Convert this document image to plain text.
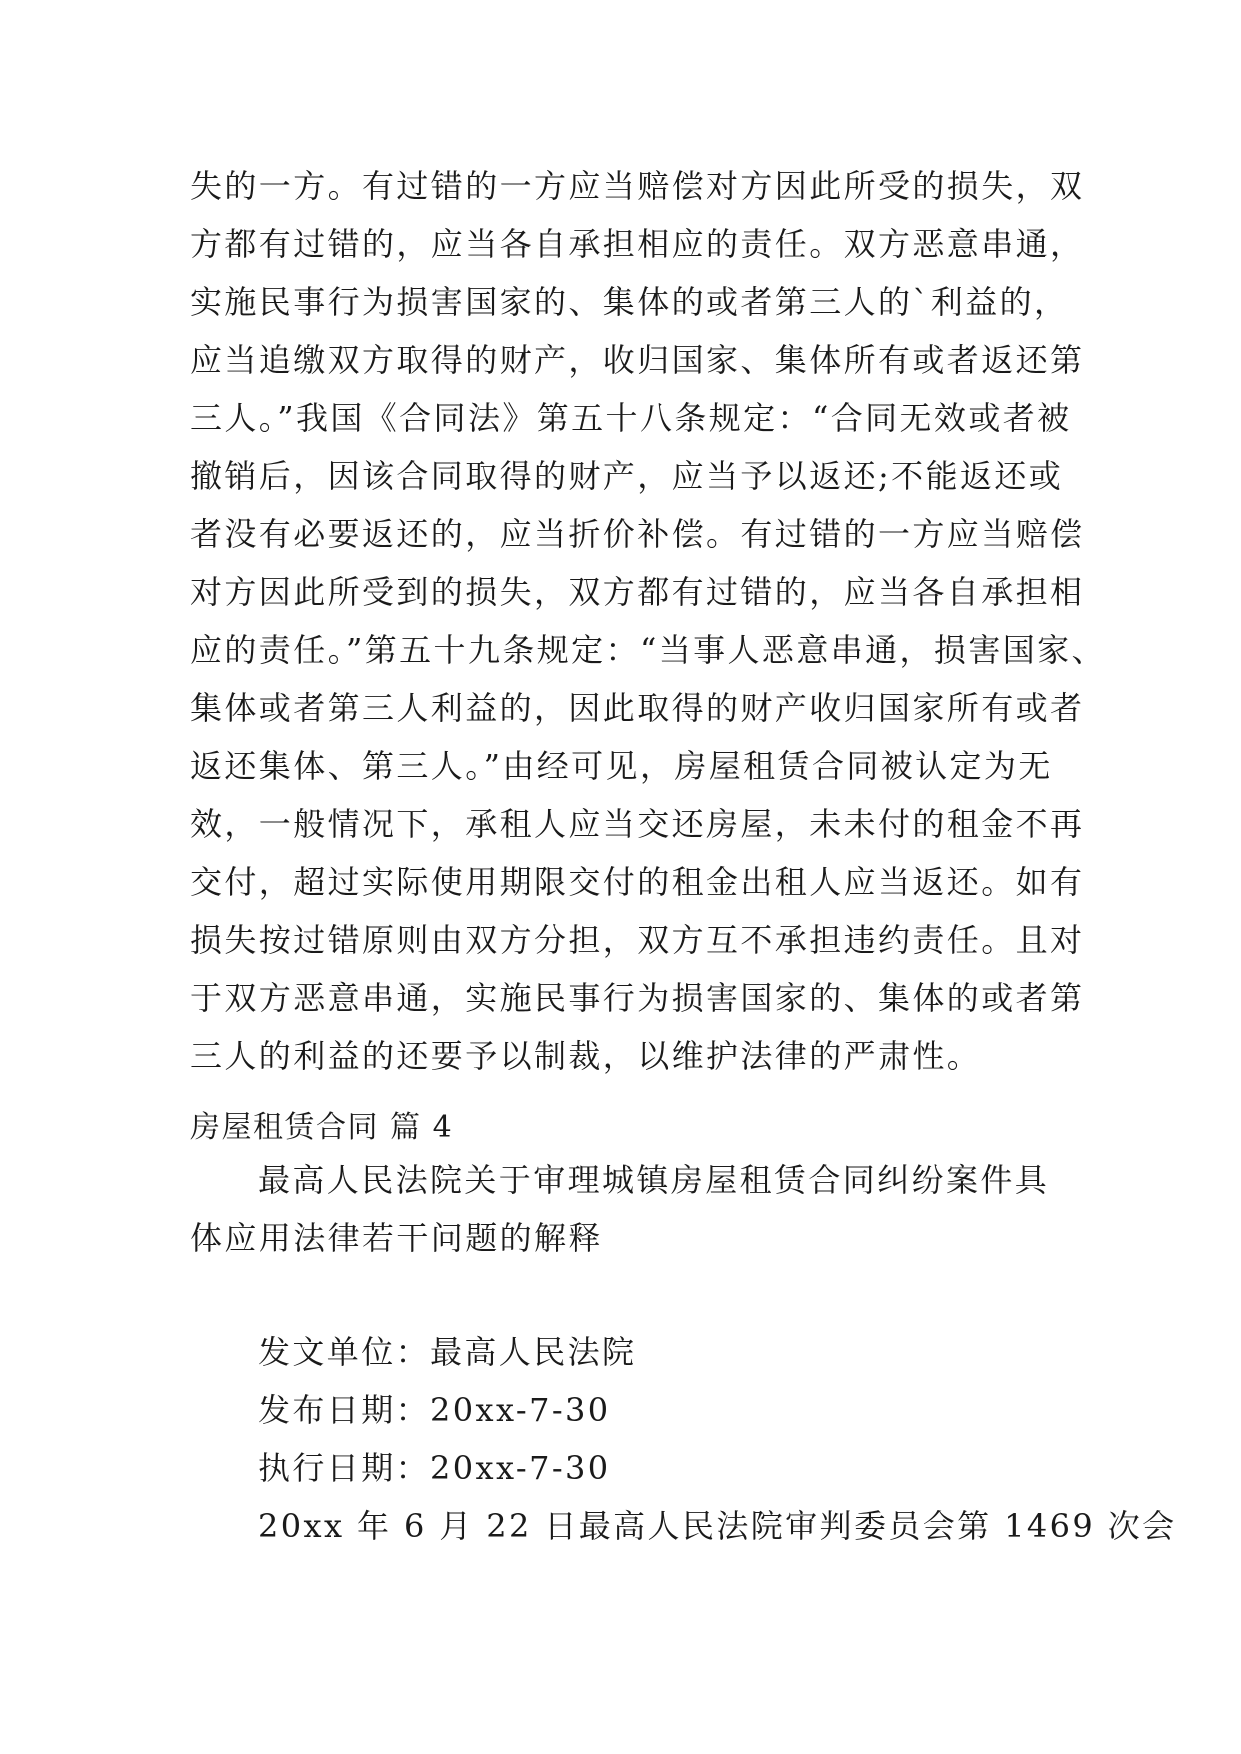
失的一方。有过错的一方应当赔偿对方因此所受的损失，双
方都有过错的，应当各自承担相应的责任。双方恶意串通，
实施民事行为损害国家的、集体的或者第三人的`利益的，
应当追缴双方取得的财产，收归国家、集体所有或者返还第
三人。”我国《合同法》第五十八条规定：“合同无效或者被
撤销后，因该合同取得的财产，应当予以返还;不能返还或
者没有必要返还的，应当折价补偿。有过错的一方应当赔偿
对方因此所受到的损失，双方都有过错的，应当各自承担相
应的责任。”第五十九条规定：“当事人恶意串通，损害国家、
集体或者第三人利益的，因此取得的财产收归国家所有或者
返还集体、第三人。”由经可见，房屋租赁合同被认定为无
效，一般情况下，承租人应当交还房屋，未未付的租金不再
交付，超过实际使用期限交付的租金出租人应当返还。如有
损失按过错原则由双方分担，双方互不承担违约责任。且对
于双方恶意串通，实施民事行为损害国家的、集体的或者第
三人的利益的还要予以制裁，以维护法律的严肃性。
房屋租赁合同 篇 4
最高人民法院关于审理城镇房屋租赁合同纠纷案件具
体应用法律若干问题的解释
发文单位：最高人民法院
发布日期：20xx-7-30
执行日期：20xx-7-30
20xx 年 6 月 22 日最高人民法院审判委员会第 1469 次会
